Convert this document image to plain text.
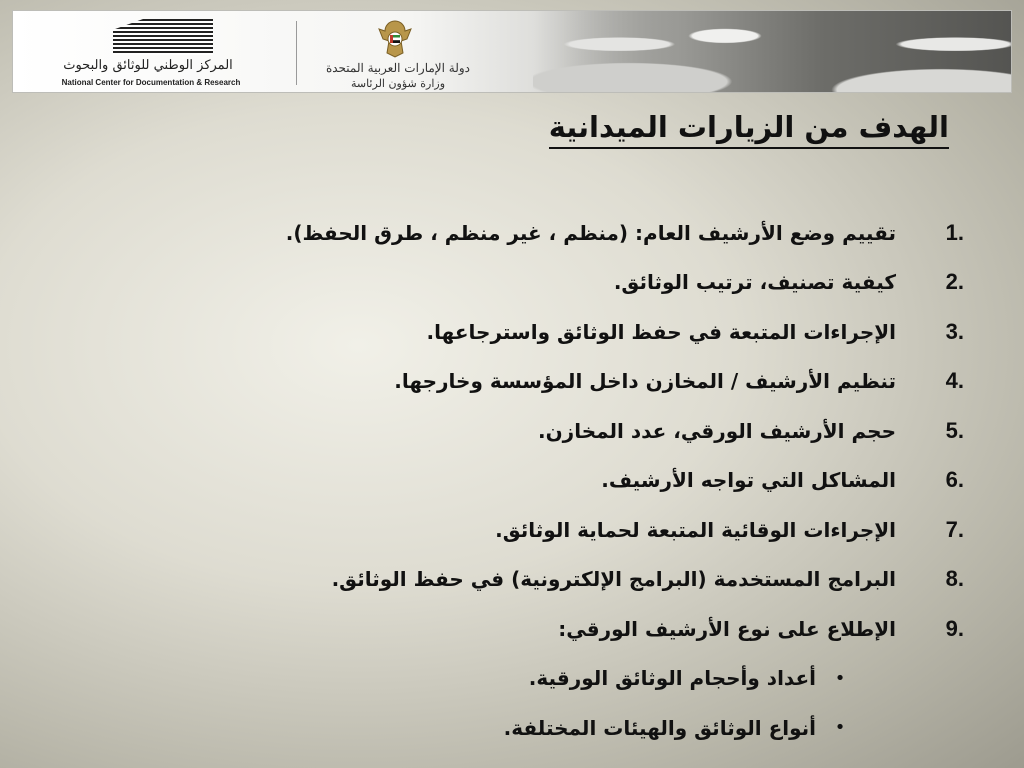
المركز الوطني للوثائق والبحوث
National Center for Documentation & Research
دولة الإمارات العربية المتحدة
وزارة شؤون الرئاسة
الهدف من الزيارات الميدانية
1.
تقييم وضع الأرشيف العام: (منظم ، غير منظم ، طرق الحفظ).
2.
كيفية تصنيف، ترتيب الوثائق.
3.
الإجراءات المتبعة في حفظ الوثائق واسترجاعها.
4.
تنظيم الأرشيف / المخازن داخل المؤسسة وخارجها.
5.
حجم الأرشيف الورقي، عدد المخازن.
6.
المشاكل التي تواجه الأرشيف.
7.
الإجراءات الوقائية المتبعة لحماية الوثائق.
8.
البرامج المستخدمة (البرامج الإلكترونية) في حفظ الوثائق.
9.
الإطلاع على نوع الأرشيف الورقي:
•
أعداد وأحجام الوثائق الورقية.
•
أنواع الوثائق والهيئات المختلفة.
